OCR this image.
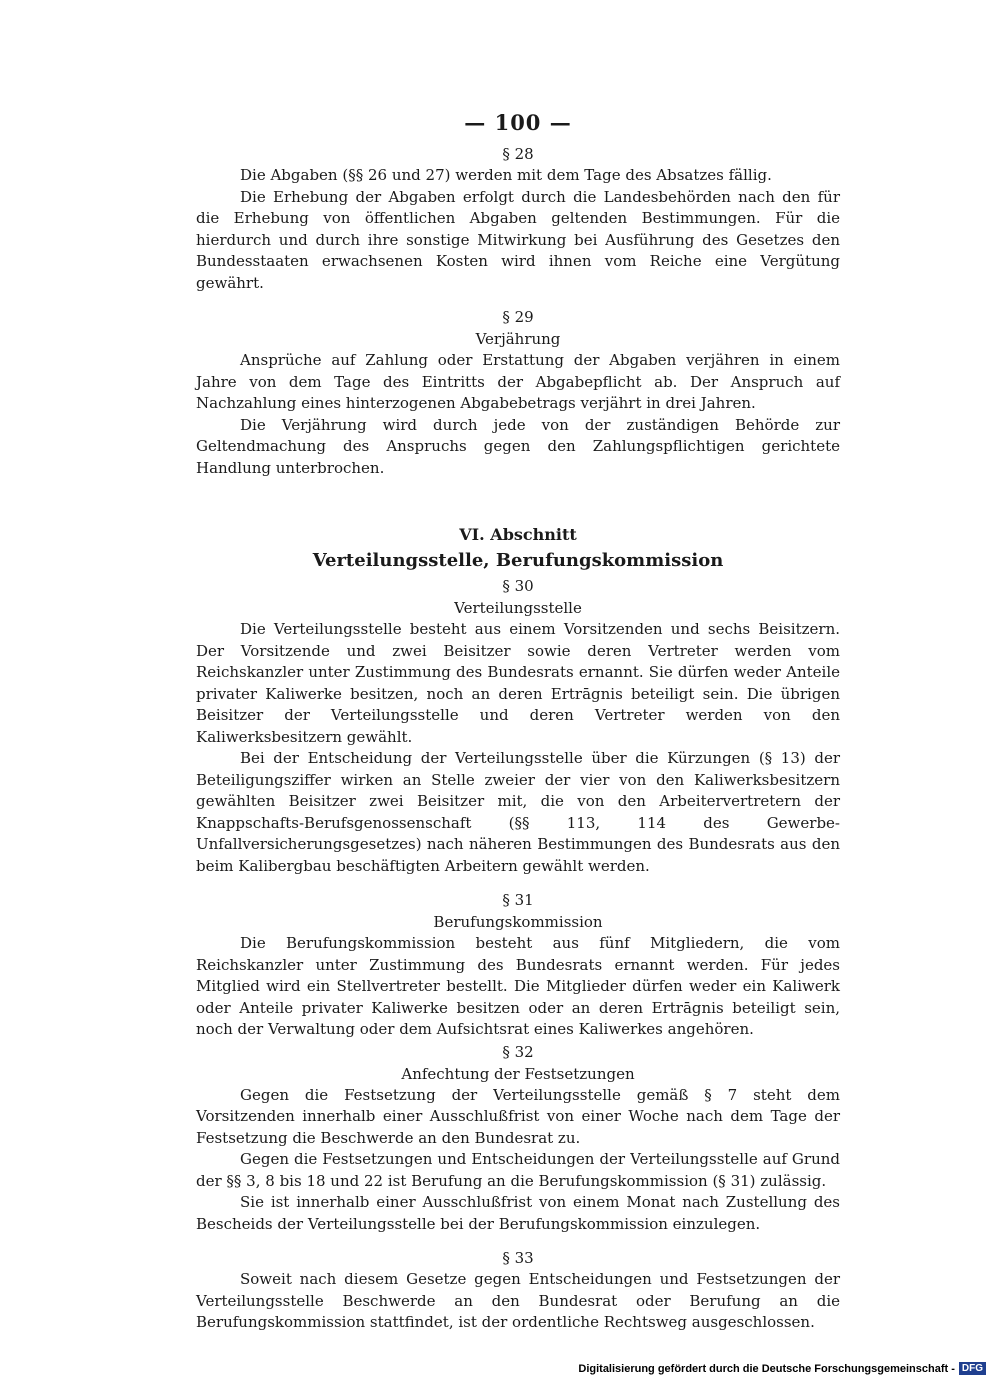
— 100 —
§ 28

Die Abgaben (§§ 26 und 27) werden mit dem Tage des Absatzes fällig.

Die Erhebung der Abgaben erfolgt durch die Landesbehörden nach den für die Erhebung von öffentlichen Abgaben geltenden Bestimmungen. Für die hierdurch und durch ihre sonstige Mitwirkung bei Ausführung des Gesetzes den Bundesstaaten erwachsenen Kosten wird ihnen vom Reiche eine Vergütung gewährt.

§ 29
Verjährung

Ansprüche auf Zahlung oder Erstattung der Abgaben verjähren in einem Jahre von dem Tage des Eintritts der Abgabepflicht ab. Der Anspruch auf Nachzahlung eines hinterzogenen Abgabebetrags verjährt in drei Jahren.

Die Verjährung wird durch jede von der zuständigen Behörde zur Geltendmachung des Anspruchs gegen den Zahlungspflichtigen gerichtete Handlung unterbrochen.

VI. Abschnitt
Verteilungsstelle, Berufungskommission
§ 30
Verteilungsstelle

Die Verteilungsstelle besteht aus einem Vorsitzenden und sechs Beisitzern. Der Vorsitzende und zwei Beisitzer sowie deren Vertreter werden vom Reichskanzler unter Zustimmung des Bundesrats ernannt. Sie dürfen weder Anteile privater Kaliwerke besitzen, noch an deren Ertrāgnis beteiligt sein. Die übrigen Beisitzer der Verteilungsstelle und deren Vertreter werden von den Kaliwerksbesitzern gewählt.

Bei der Entscheidung der Verteilungsstelle über die Kürzungen (§ 13) der Beteiligungsziffer wirken an Stelle zweier der vier von den Kaliwerksbesitzern gewählten Beisitzer zwei Beisitzer mit, die von den Arbeitervertretern der Knappschafts-Berufsgenossenschaft (§§ 113, 114 des Gewerbe-Unfallversicherungsgesetzes) nach näheren Bestimmungen des Bundesrats aus den beim Kalibergbau beschäftigten Arbeitern gewählt werden.

§ 31
Berufungskommission

Die Berufungskommission besteht aus fünf Mitgliedern, die vom Reichskanzler unter Zustimmung des Bundesrats ernannt werden. Für jedes Mitglied wird ein Stellvertreter bestellt. Die Mitglieder dürfen weder ein Kaliwerk oder Anteile privater Kaliwerke besitzen oder an deren Ertrāgnis beteiligt sein, noch der Verwaltung oder dem Aufsichtsrat eines Kaliwerkes angehören.

§ 32
Anfechtung der Festsetzungen

Gegen die Festsetzung der Verteilungsstelle gemäß § 7 steht dem Vorsitzenden innerhalb einer Ausschlußfrist von einer Woche nach dem Tage der Festsetzung die Beschwerde an den Bundesrat zu.

Gegen die Festsetzungen und Entscheidungen der Verteilungsstelle auf Grund der §§ 3, 8 bis 18 und 22 ist Berufung an die Berufungskommission (§ 31) zulässig.

Sie ist innerhalb einer Ausschlußfrist von einem Monat nach Zustellung des Bescheids der Verteilungsstelle bei der Berufungskommission einzulegen.

§ 33

Soweit nach diesem Gesetze gegen Entscheidungen und Festsetzungen der Verteilungsstelle Beschwerde an den Bundesrat oder Berufung an die Berufungskommission stattfindet, ist der ordentliche Rechtsweg ausgeschlossen.

Digitalisierung gefördert durch die Deutsche Forschungsgemeinschaft - DFG
